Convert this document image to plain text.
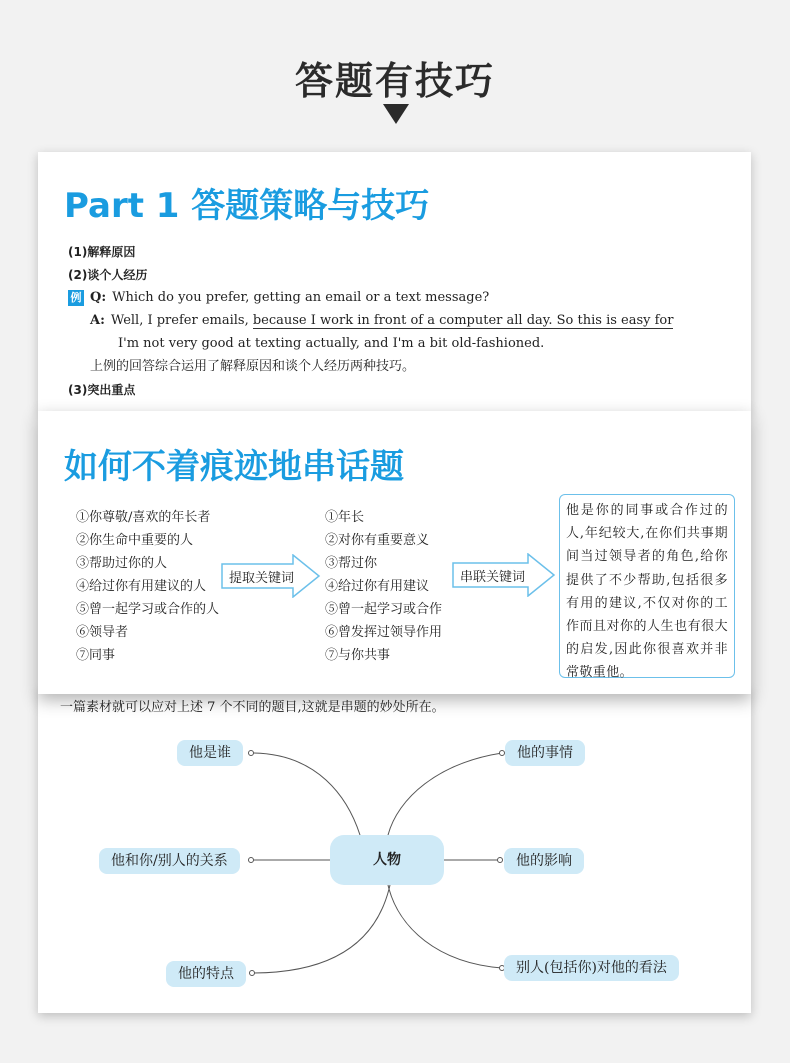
答题有技巧
Part 1 答题策略与技巧
(1)解释原因
(2)谈个人经历
例 Q: Which do you prefer, getting an email or a text message?
A: Well, I prefer emails, because I work in front of a computer all day. So this is easy for
I'm not very good at texting actually, and I'm a bit old-fashioned.
上例的回答综合运用了解释原因和谈个人经历两种技巧。
(3)突出重点
如何不着痕迹地串话题
①你尊敬/喜欢的年长者
②你生命中重要的人
③帮助过你的人
④给过你有用建议的人
⑤曾一起学习或合作的人
⑥领导者
⑦同事
提取关键词
①年长
②对你有重要意义
③帮过你
④给过你有用建议
⑤曾一起学习或合作
⑥曾发挥过领导作用
⑦与你共事
串联关键词
他是你的同事或合作过的人,年纪较大,在你们共事期间当过领导者的角色,给你提供了不少帮助,包括很多有用的建议,不仅对你的工作而且对你的人生也有很大的启发,因此你很喜欢并非常敬重他。
一篇素材就可以应对上述 7 个不同的题目,这就是串题的妙处所在。
人物
他是谁
他和你/别人的关系
他的特点
他的事情
他的影响
别人(包括你)对他的看法
